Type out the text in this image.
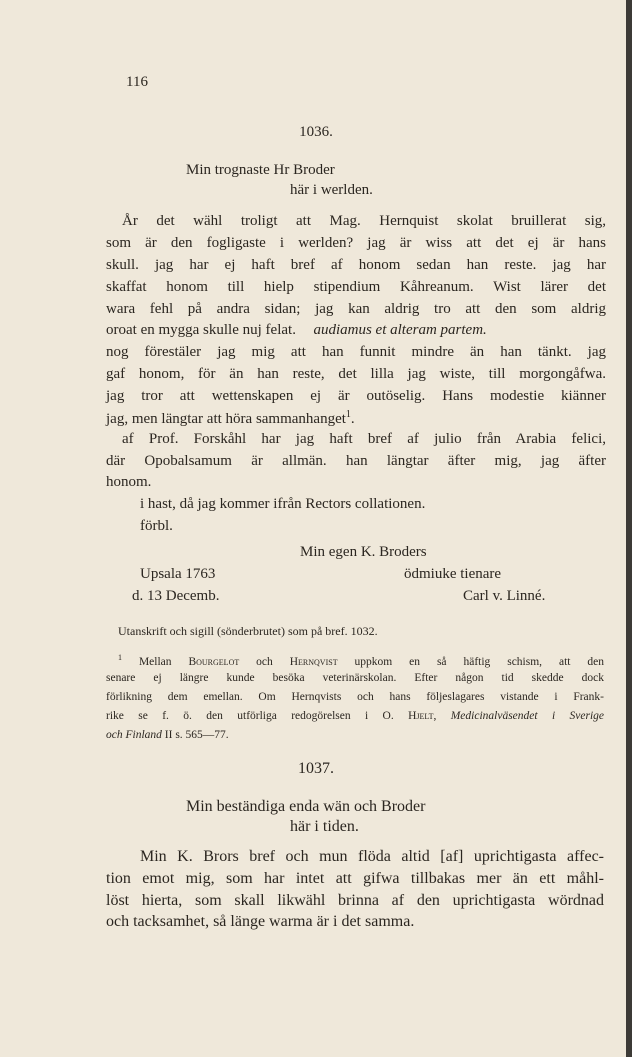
116
1036.
Min trognaste Hr Broder
här i werlden.
År det wähl troligt att Mag. Hernquist skolat bruillerat sig,
som är den fogligaste i werlden? jag är wiss att det ej är hans
skull. jag har ej haft bref af honom sedan han reste. jag har
skaffat honom till hielp stipendium Kåhreanum. Wist lärer det
wara fehl på andra sidan; jag kan aldrig tro att den som aldrig
oroat en mygga skulle nuj felat. audiamus et alteram partem.
nog förestäler jag mig att han funnit mindre än han tänkt. jag
gaf honom, för än han reste, det lilla jag wiste, till morgongåfwa.
jag tror att wettenskapen ej är outöselig. Hans modestie kiänner
jag, men längtar att höra sammanhanget$^1$.
af Prof. Forskåhl har jag haft bref af julio från Arabia felici,
där Opobalsamum är allmän. han längtar äfter mig, jag äfter
honom.
i hast, då jag kommer ifrån Rectors collationen.
förbl.
Min egen K. Broders
Upsala 1763	ödmiuke tienare
d. 13 Decemb.	Carl v. Linné.
Utanskrift och sigill (sönderbrutet) som på bref. 1032.
$^1$ Mellan Bourgelot och Hernqvist uppkom en så häftig schism, att den
senare ej längre kunde besöka veterinärskolan. Efter någon tid skedde dock
förlikning dem emellan. Om Hernqvists och hans följeslagares vistande i Frank-
rike se f. ö. den utförliga redogörelsen i O. Hjelt, Medicinalväsendet i Sverige
och Finland II s. 565—77.
1037.
Min beständiga enda wän och Broder
här i tiden.
Min K. Brors bref och mun flöda altid [af] uprichtigasta affec-
tion emot mig, som har intet att gifwa tillbakas mer än ett måhl-
löst hierta, som skall likwähl brinna af den uprichtigasta wördnad
och tacksamhet, så länge warma är i det samma.
